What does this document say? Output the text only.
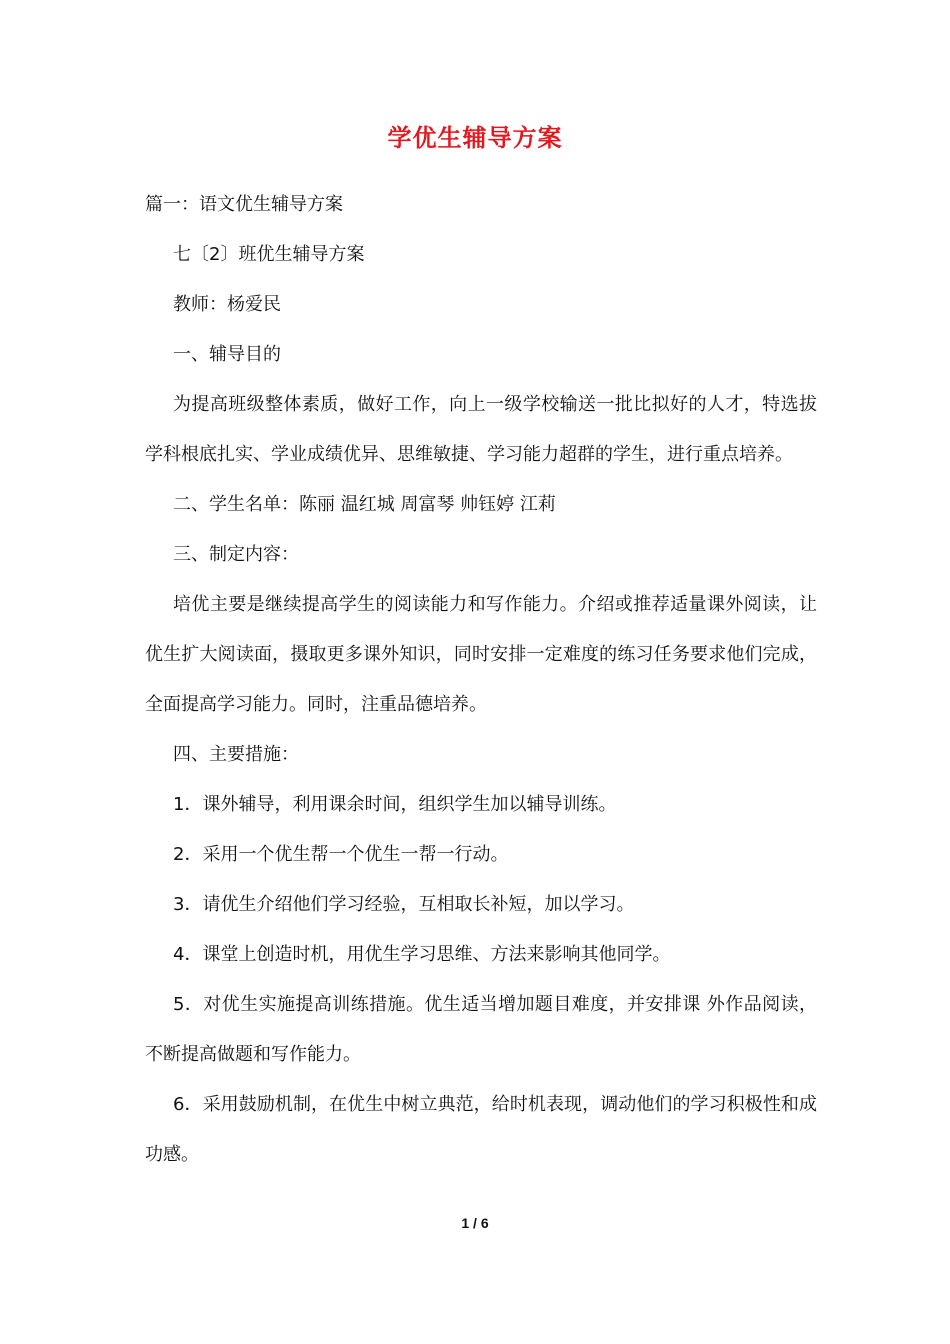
学优生辅导方案

篇一：语文优生辅导方案

七〔2〕班优生辅导方案

教师：杨爱民

一、辅导目的

为提高班级整体素质，做好工作，向上一级学校输送一批比拟好的人才，特选拔学科根底扎实、学业成绩优异、思维敏捷、学习能力超群的学生，进行重点培养。

二、学生名单：陈丽 温红城 周富琴 帅钰婷 江莉

三、制定内容：

培优主要是继续提高学生的阅读能力和写作能力。介绍或推荐适量课外阅读，让优生扩大阅读面，摄取更多课外知识，同时安排一定难度的练习任务要求他们完成，全面提高学习能力。同时，注重品德培养。

四、主要措施：

1．课外辅导，利用课余时间，组织学生加以辅导训练。

2．采用一个优生帮一个优生一帮一行动。

3．请优生介绍他们学习经验，互相取长补短，加以学习。

4．课堂上创造时机，用优生学习思维、方法来影响其他同学。

5．对优生实施提高训练措施。优生适当增加题目难度，并安排课 外作品阅读，不断提高做题和写作能力。

6．采用鼓励机制，在优生中树立典范，给时机表现，调动他们的学习积极性和成功感。

1 / 6
